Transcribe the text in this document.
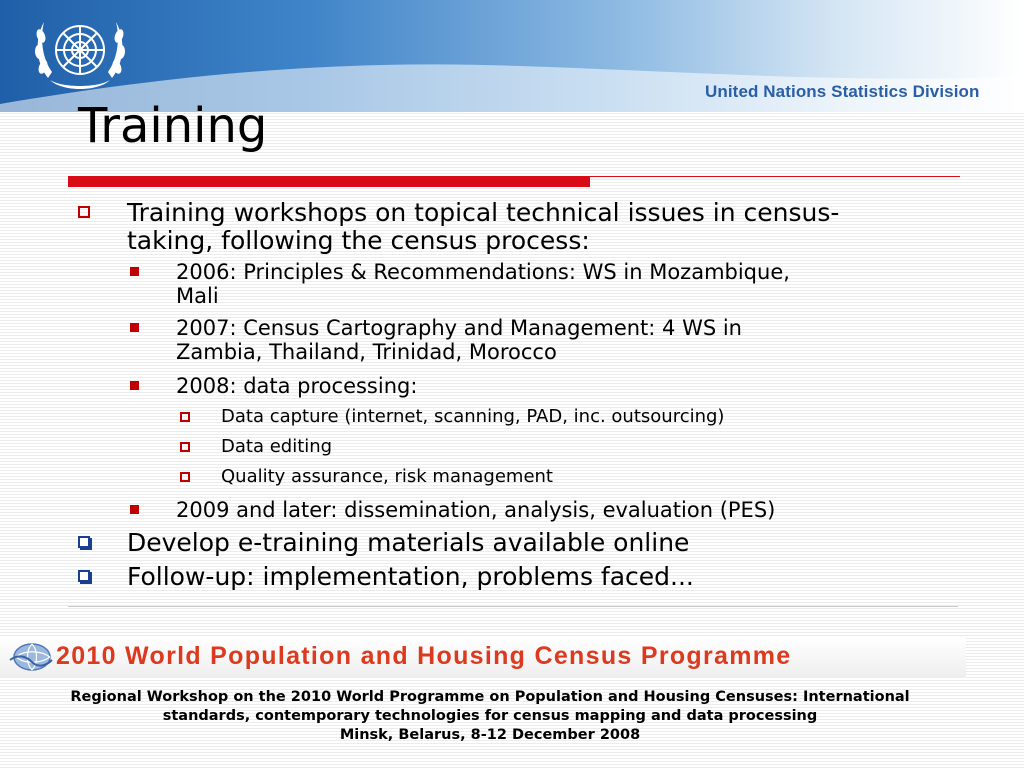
United Nations Statistics Division
Training
Training workshops on topical technical issues in census-
taking, following the census process:
2006: Principles & Recommendations: WS in Mozambique,
Mali
2007: Census Cartography and Management: 4 WS in
Zambia, Thailand, Trinidad, Morocco
2008: data processing:
Data capture (internet, scanning, PAD, inc. outsourcing)
Data editing
Quality assurance, risk management
2009 and later: dissemination, analysis, evaluation (PES)
Develop e-training materials available online
Follow-up: implementation, problems faced...
2010 World Population and Housing Census Programme
Regional Workshop on the 2010 World Programme on Population and Housing Censuses: International
standards, contemporary technologies for census mapping and data processing
Minsk, Belarus, 8-12 December 2008
